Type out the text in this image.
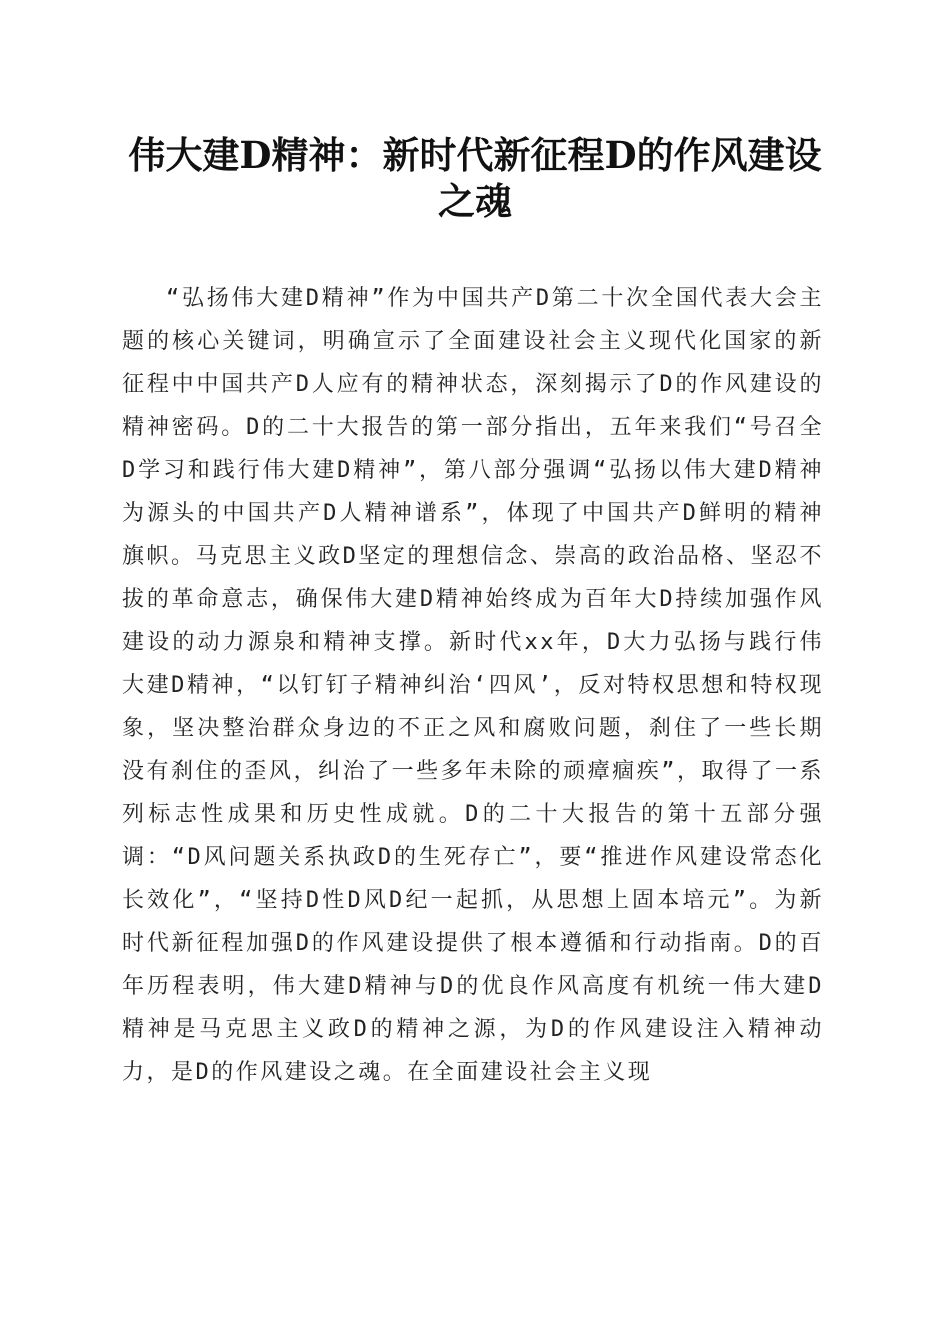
伟大建D精神：新时代新征程D的作风建设之魂

“弘扬伟大建D精神”作为中国共产D第二十次全国代表大会主题的核心关键词，明确宣示了全面建设社会主义现代化国家的新征程中中国共产D人应有的精神状态，深刻揭示了D的作风建设的精神密码。D的二十大报告的第一部分指出，五年来我们“号召全D学习和践行伟大建D精神”，第八部分强调“弘扬以伟大建D精神为源头的中国共产D人精神谱系”，体现了中国共产D鲜明的精神旗帜。马克思主义政D坚定的理想信念、崇高的政治品格、坚忍不拔的革命意志，确保伟大建D精神始终成为百年大D持续加强作风建设的动力源泉和精神支撑。新时代xx年，D大力弘扬与践行伟大建D精神，“以钉钉子精神纠治‘四风’，反对特权思想和特权现象，坚决整治群众身边的不正之风和腐败问题，刹住了一些长期没有刹住的歪风，纠治了一些多年未除的顽瘴痼疾”，取得了一系列标志性成果和历史性成就。D的二十大报告的第十五部分强调：“D风问题关系执政D的生死存亡”，要“推进作风建设常态化长效化”，“坚持D性D风D纪一起抓，从思想上固本培元”。为新时代新征程加强D的作风建设提供了根本遵循和行动指南。D的百年历程表明，伟大建D精神与D的优良作风高度有机统一伟大建D精神是马克思主义政D的精神之源，为D的作风建设注入精神动力，是D的作风建设之魂。在全面建设社会主义现
